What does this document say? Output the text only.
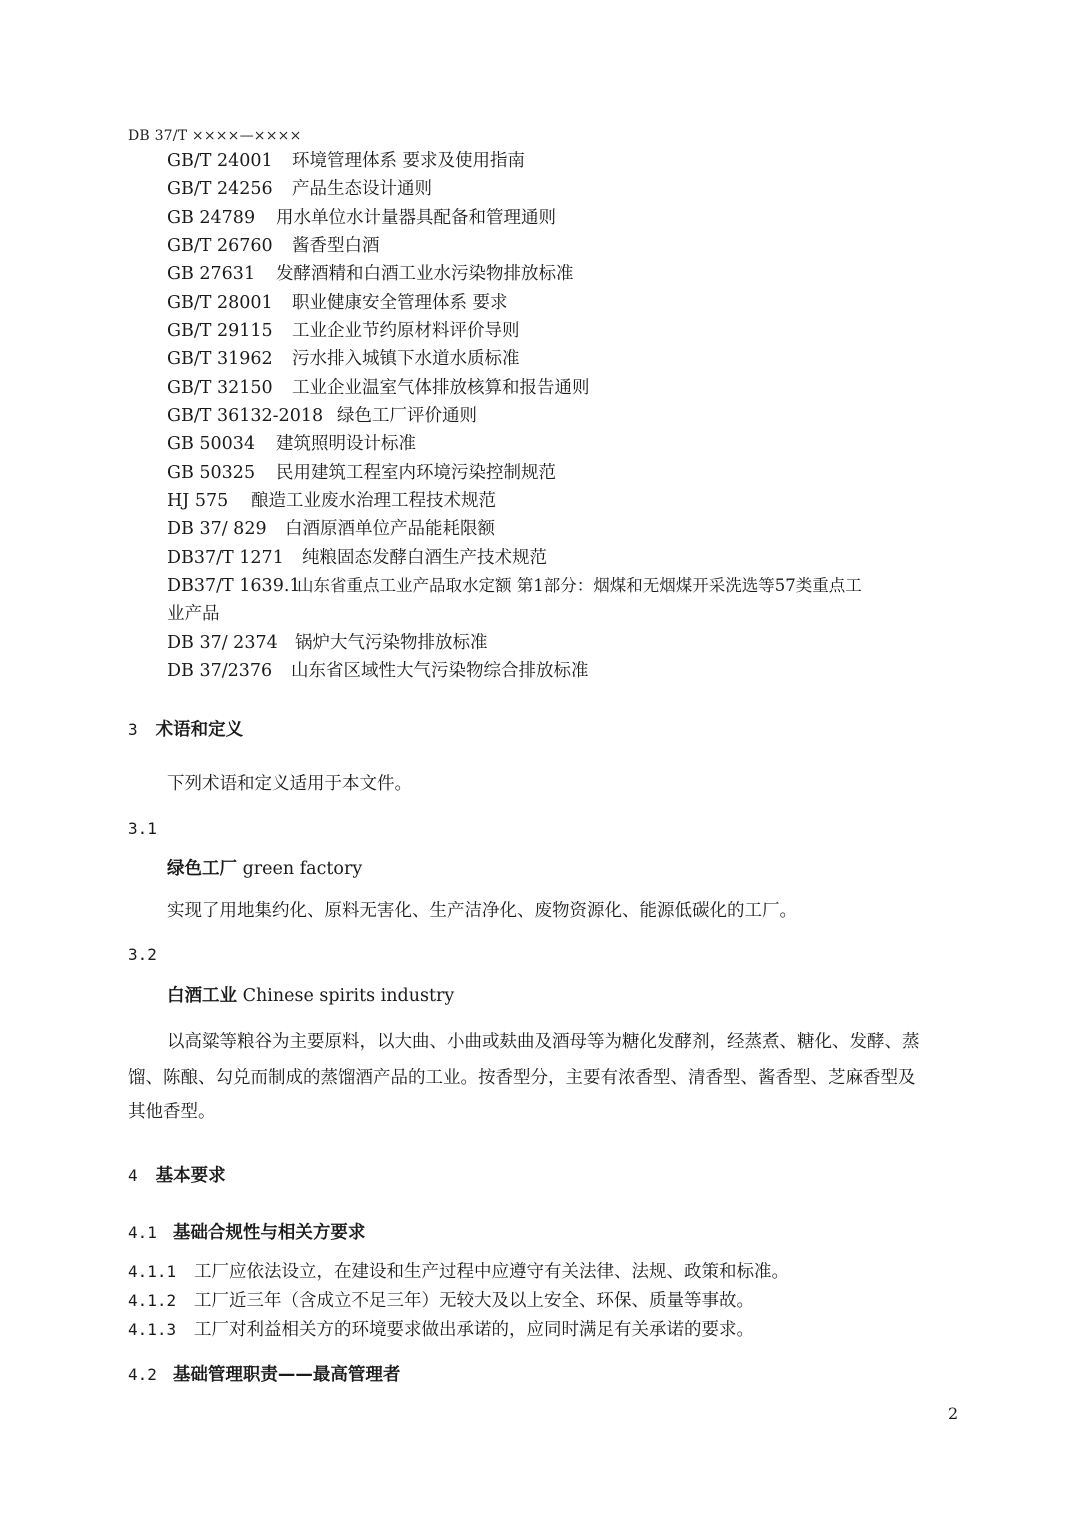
DB 37/T ××××—××××
GB/T 24001 环境管理体系 要求及使用指南
GB/T 24256 产品生态设计通则
GB 24789 用水单位水计量器具配备和管理通则
GB/T 26760 酱香型白酒
GB 27631 发酵酒精和白酒工业水污染物排放标准
GB/T 28001 职业健康安全管理体系 要求
GB/T 29115 工业企业节约原材料评价导则
GB/T 31962 污水排入城镇下水道水质标准
GB/T 32150 工业企业温室气体排放核算和报告通则
GB/T 36132-2018 绿色工厂评价通则
GB 50034 建筑照明设计标准
GB 50325 民用建筑工程室内环境污染控制规范
HJ 575 酿造工业废水治理工程技术规范
DB 37/ 829 白酒原酒单位产品能耗限额
DB37/T 1271 纯粮固态发酵白酒生产技术规范
DB37/T 1639.1山东省重点工业产品取水定额 第1部分：烟煤和无烟煤开采洗选等57类重点工
业产品
DB 37/ 2374 锅炉大气污染物排放标准
DB 37/2376 山东省区域性大气污染物综合排放标准
3 术语和定义
下列术语和定义适用于本文件。
3.1
绿色工厂 green factory
实现了用地集约化、原料无害化、生产洁净化、废物资源化、能源低碳化的工厂。
3.2
白酒工业 Chinese spirits industry
以高粱等粮谷为主要原料，以大曲、小曲或麸曲及酒母等为糖化发酵剂，经蒸煮、糖化、发酵、蒸
馏、陈酿、勾兑而制成的蒸馏酒产品的工业。按香型分，主要有浓香型、清香型、酱香型、芝麻香型及
其他香型。
4 基本要求
4.1 基础合规性与相关方要求
4.1.1 工厂应依法设立，在建设和生产过程中应遵守有关法律、法规、政策和标准。
4.1.2 工厂近三年（含成立不足三年）无较大及以上安全、环保、质量等事故。
4.1.3 工厂对利益相关方的环境要求做出承诺的，应同时满足有关承诺的要求。
4.2 基础管理职责——最高管理者
2
